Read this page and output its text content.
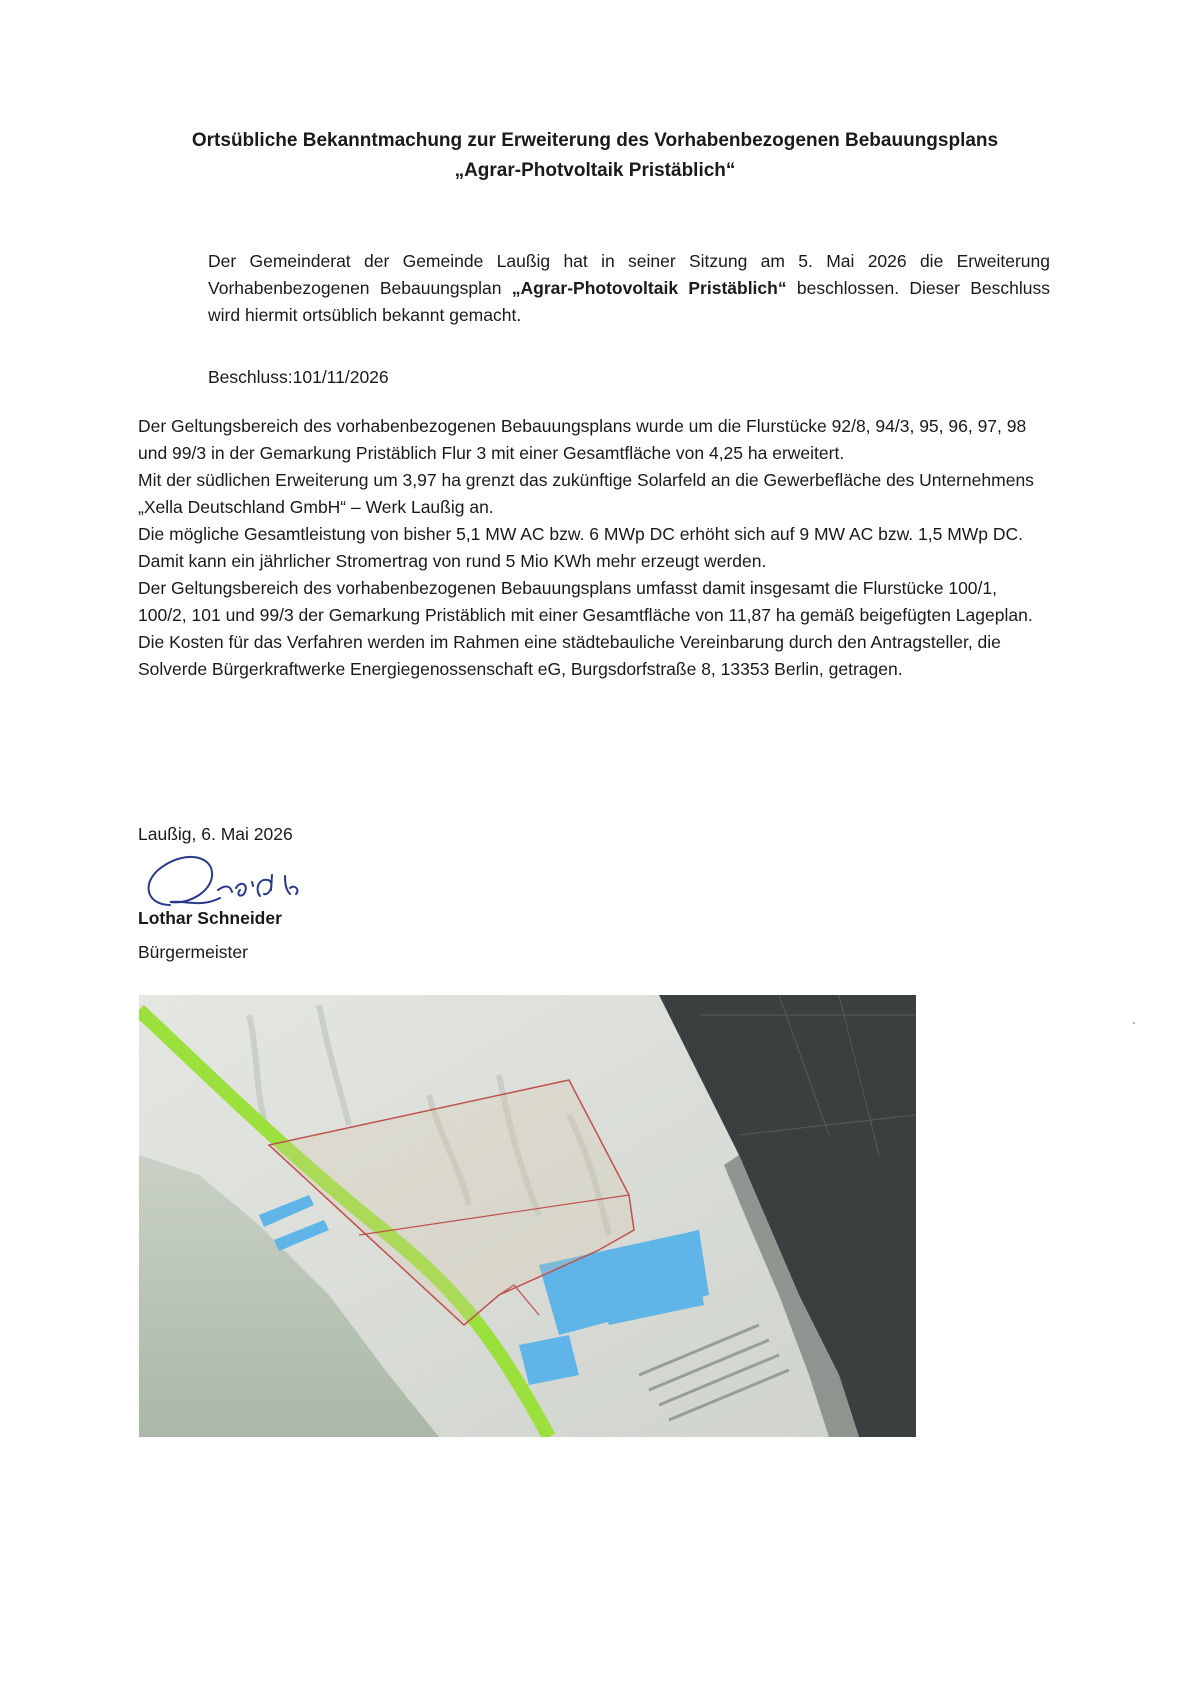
Ortsübliche Bekanntmachung zur Erweiterung des Vorhabenbezogenen Bebauungsplans
„Agrar-Photvoltaik Pristäblich“
Der Gemeinderat der Gemeinde Laußig hat in seiner Sitzung am 5. Mai 2026 die Erweiterung Vorhabenbezogenen Bebauungsplan „Agrar-Photovoltaik Pristäblich“ beschlossen. Dieser Beschluss wird hiermit ortsüblich bekannt gemacht.
Beschluss:101/11/2026

Der Geltungsbereich des vorhabenbezogenen Bebauungsplans wurde um die Flurstücke 92/8, 94/3, 95, 96, 97, 98 und 99/3 in der Gemarkung Pristäblich Flur 3 mit einer Gesamtfläche von 4,25 ha erweitert.

Mit der südlichen Erweiterung um 3,97 ha grenzt das zukünftige Solarfeld an die Gewerbefläche des Unternehmens „Xella Deutschland GmbH“ – Werk Laußig an.

Die mögliche Gesamtleistung von bisher 5,1 MW AC bzw. 6 MWp DC erhöht sich auf 9 MW AC bzw. 1,5 MWp DC.

Damit kann ein jährlicher Stromertrag von rund 5 Mio KWh mehr erzeugt werden.

Der Geltungsbereich des vorhabenbezogenen Bebauungsplans umfasst damit insgesamt die Flurstücke 100/1, 100/2, 101 und 99/3 der Gemarkung Pristäblich mit einer Gesamtfläche von 11,87 ha gemäß beigefügten Lageplan.

Die Kosten für das Verfahren werden im Rahmen eine städtebauliche Vereinbarung durch den Antragsteller, die Solverde Bürgerkraftwerke Energiegenossenschaft eG, Burgsdorfstraße 8, 13353 Berlin, getragen.

Laußig, 6. Mai 2026
Lothar Schneider
Bürgermeister
